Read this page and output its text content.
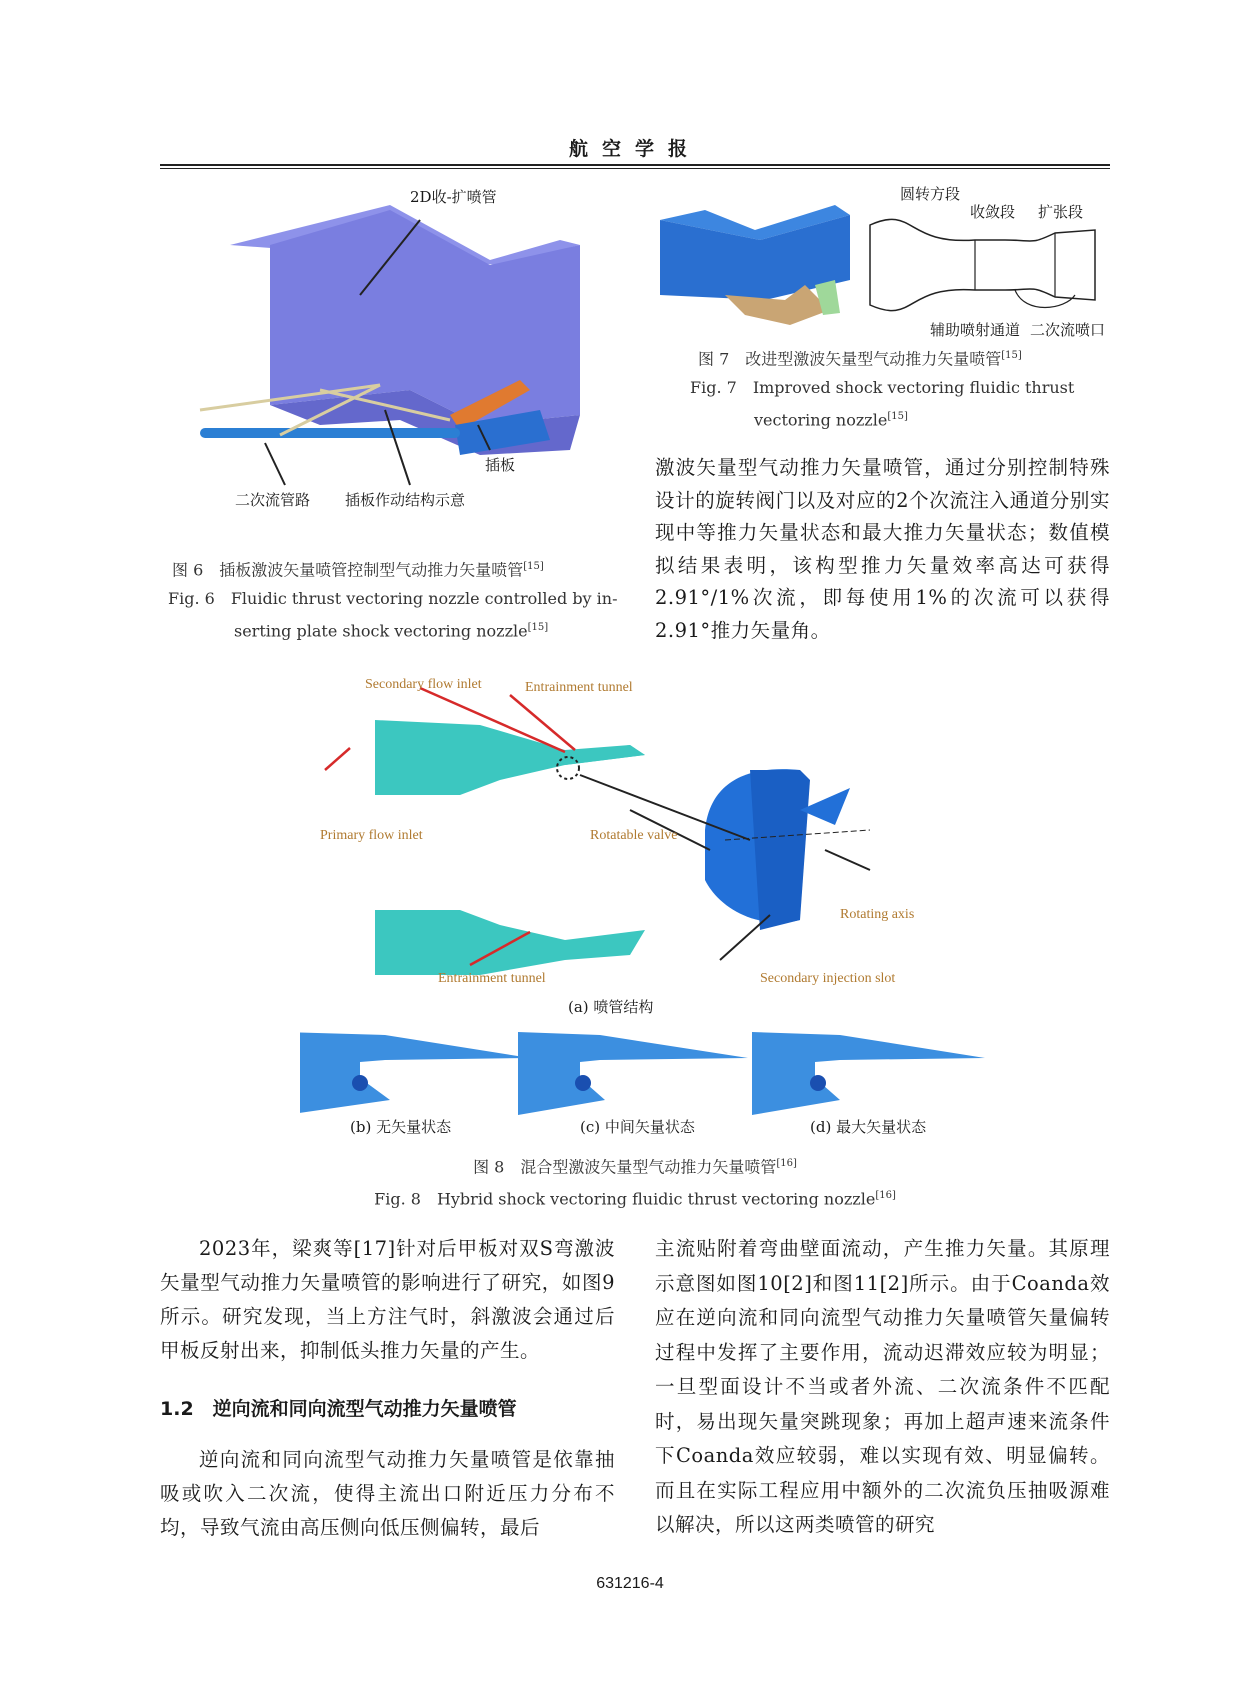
航空学报
2D收-扩喷管
插板
二次流管路 插板作动结构示意
图 6　插板激波矢量喷管控制型气动推力矢量喷管[15]
Fig. 6　Fluidic thrust vectoring nozzle controlled by in-
serting plate shock vectoring nozzle[15]
圆转方段
收敛段 扩张段
辅助喷射通道 二次流喷口
图 7　改进型激波矢量型气动推力矢量喷管[15]
Fig. 7　Improved shock vectoring fluidic thrust
vectoring nozzle[15]
激波矢量型气动推力矢量喷管，通过分别控制特殊设计的旋转阀门以及对应的2个次流注入通道分别实现中等推力矢量状态和最大推力矢量状态；数值模拟结果表明，该构型推力矢量效率高达可获得2.91°/1%次流，即每使用1%的次流可以获得2.91°推力矢量角。
Secondary flow inlet	Entrainment tunnel
Primary flow inlet	Rotatable valve
Rotating axis
Entrainment tunnel	Secondary injection slot
(a) 喷管结构
(b) 无矢量状态	(c) 中间矢量状态	(d) 最大矢量状态
图 8　混合型激波矢量型气动推力矢量喷管[16]
Fig. 8　Hybrid shock vectoring fluidic thrust vectoring nozzle[16]
2023年，梁爽等[17]针对后甲板对双S弯激波矢量型气动推力矢量喷管的影响进行了研究，如图9所示。研究发现，当上方注气时，斜激波会通过后甲板反射出来，抑制低头推力矢量的产生。
1.2　逆向流和同向流型气动推力矢量喷管
逆向流和同向流型气动推力矢量喷管是依靠抽吸或吹入二次流，使得主流出口附近压力分布不均，导致气流由高压侧向低压侧偏转，最后
主流贴附着弯曲壁面流动，产生推力矢量。其原理示意图如图10[2]和图11[2]所示。由于Coanda效应在逆向流和同向流型气动推力矢量喷管矢量偏转过程中发挥了主要作用，流动迟滞效应较为明显；一旦型面设计不当或者外流、二次流条件不匹配时，易出现矢量突跳现象；再加上超声速来流条件下Coanda效应较弱，难以实现有效、明显偏转。而且在实际工程应用中额外的二次流负压抽吸源难以解决，所以这两类喷管的研究
631216-4
